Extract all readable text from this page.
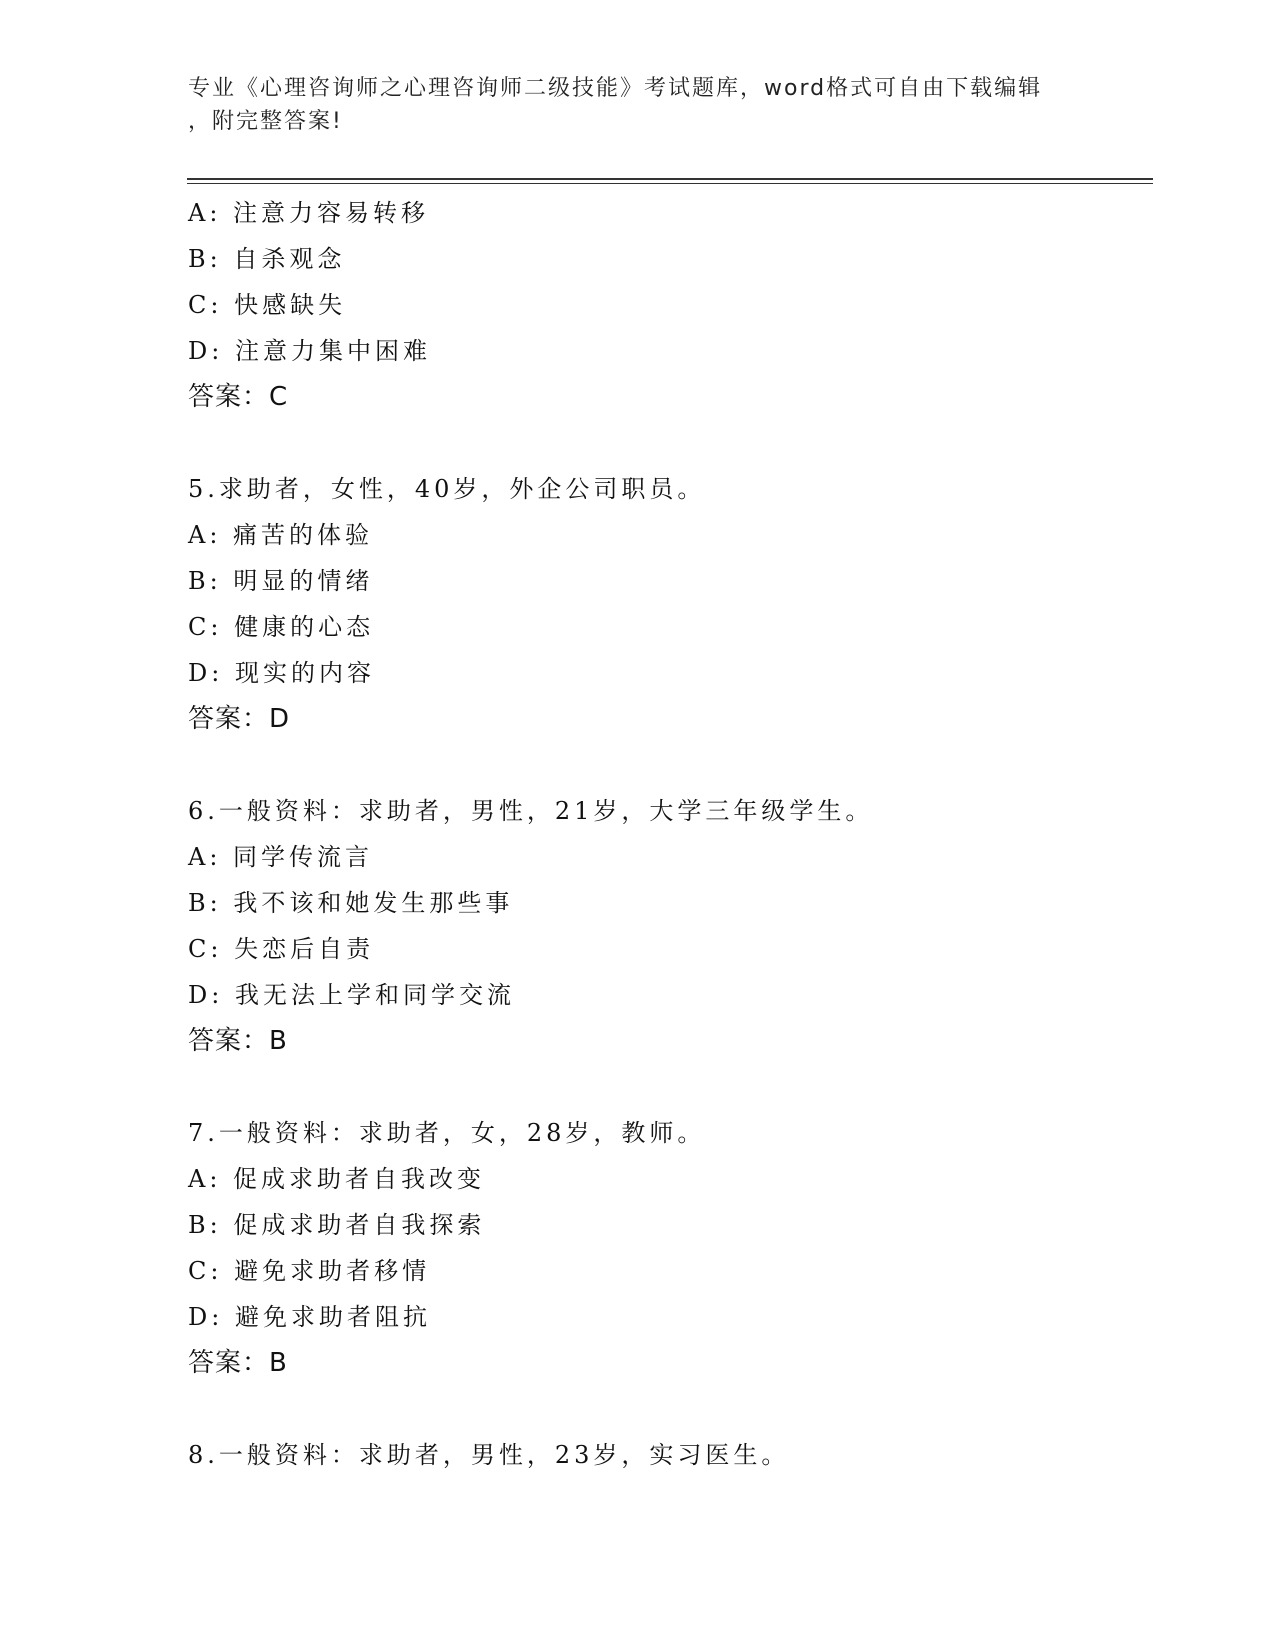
专业《心理咨询师之心理咨询师二级技能》考试题库，word格式可自由下载编辑
，附完整答案!
A: 注意力容易转移
B: 自杀观念
C: 快感缺失
D: 注意力集中困难
答案：C
5.求助者，女性，40岁，外企公司职员。
A: 痛苦的体验
B: 明显的情绪
C: 健康的心态
D: 现实的内容
答案：D
6.一般资料：求助者，男性，21岁，大学三年级学生。
A: 同学传流言
B: 我不该和她发生那些事
C: 失恋后自责
D: 我无法上学和同学交流
答案：B
7.一般资料：求助者，女，28岁，教师。
A: 促成求助者自我改变
B: 促成求助者自我探索
C: 避免求助者移情
D: 避免求助者阻抗
答案：B
8.一般资料：求助者，男性，23岁，实习医生。
